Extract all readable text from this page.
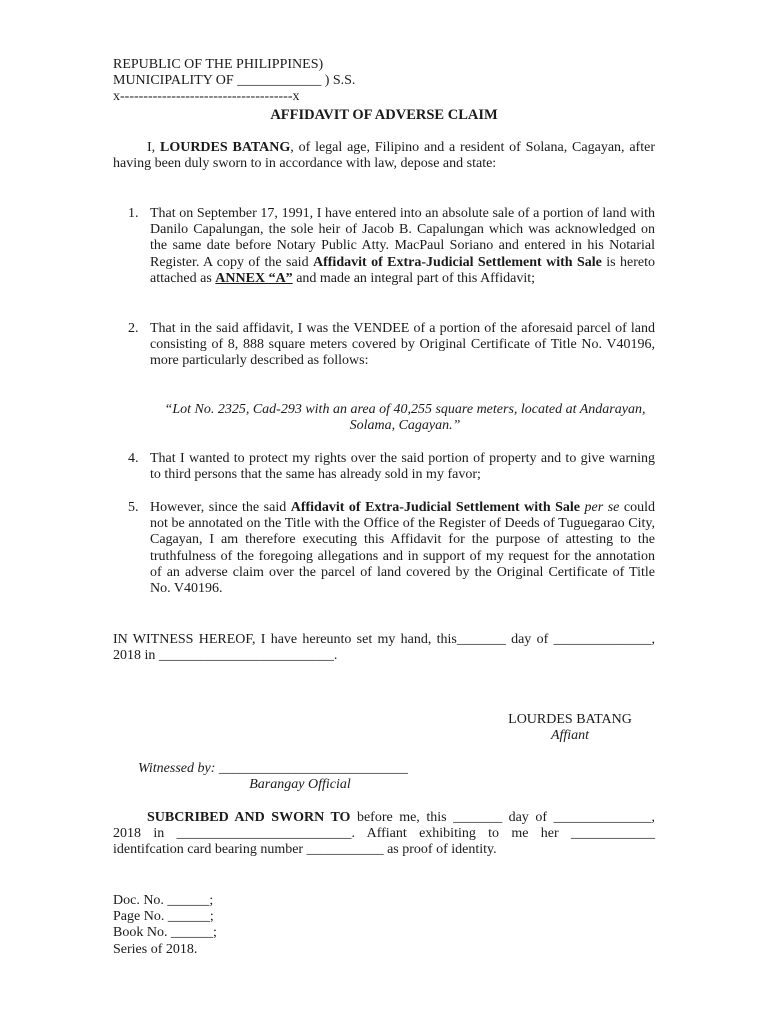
REPUBLIC OF THE PHILIPPINES)
MUNICIPALITY OF ____________ ) S.S.
x-------------------------------------x
AFFIDAVIT OF ADVERSE CLAIM
I, LOURDES BATANG, of legal age, Filipino and a resident of Solana, Cagayan, after having been duly sworn to in accordance with law, depose and state:
1. That on September 17, 1991, I have entered into an absolute sale of a portion of land with Danilo Capalungan, the sole heir of Jacob B. Capalungan which was acknowledged on the same date before Notary Public Atty. MacPaul Soriano and entered in his Notarial Register. A copy of the said Affidavit of Extra-Judicial Settlement with Sale is hereto attached as ANNEX “A” and made an integral part of this Affidavit;
2. That in the said affidavit, I was the VENDEE of a portion of the aforesaid parcel of land consisting of 8, 888 square meters covered by Original Certificate of Title No. V40196, more particularly described as follows:
“Lot No. 2325, Cad-293 with an area of 40,255 square meters, located at Andarayan, Solama, Cagayan.”
4. That I wanted to protect my rights over the said portion of property and to give warning to third persons that the same has already sold in my favor;
5. However, since the said Affidavit of Extra-Judicial Settlement with Sale per se could not be annotated on the Title with the Office of the Register of Deeds of Tuguegarao City, Cagayan, I am therefore executing this Affidavit for the purpose of attesting to the truthfulness of the foregoing allegations and in support of my request for the annotation of an adverse claim over the parcel of land covered by the Original Certificate of Title No. V40196.
IN WITNESS HEREOF, I have hereunto set my hand, this_______ day of ______________, 2018 in _________________________.
LOURDES BATANG
Affiant
Witnessed by: ___________________________
Barangay Official
SUBCRIBED AND SWORN TO before me, this _______ day of ______________, 2018 in _________________________. Affiant exhibiting to me her ____________ identifcation card bearing number ___________ as proof of identity.
Doc. No. ______;
Page No. ______;
Book No. ______;
Series of 2018.
